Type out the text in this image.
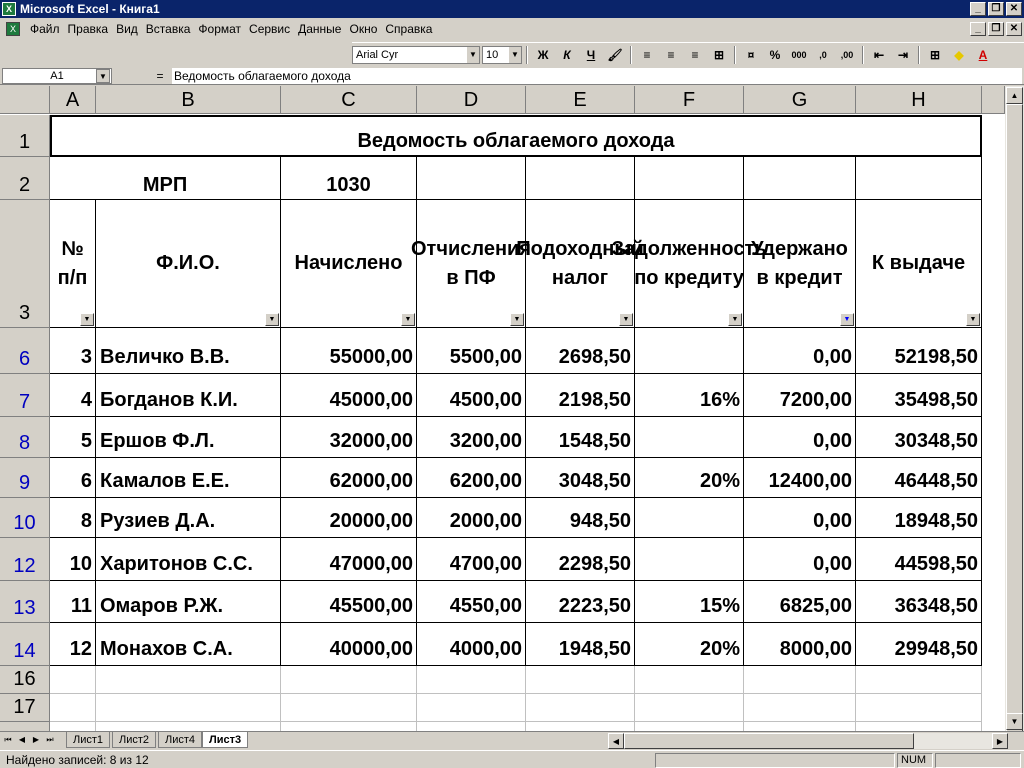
X Microsoft Excel - Книга1	_	❐ ✕
X	Файл Правка Вид Вставка Формат Сервис Данные Окно Справка	_	❐ ✕
Arial Cyr	▼ 10	▼	Ж	К	Ч	🖌	≡	≡	≡	⊞	¤	%	000	,0	,00	⇤	⇥	⊞	◆	A
A1	▼	= Ведомость облагаемого дохода
A	B	C	D	E	F	G	H
1	Ведомость облагаемого дохода
2	МРП	1030
3
№ п/п
▼
Ф.И.О.
▼
Начислено
▼
Отчисления в ПФ
▼
Подоходный налог
▼
Задолженность по кредиту
▼
Удержано в кредит
▼
К выдаче
▼
6	3 Величко В.В.	55000,00	5500,00	2698,50	0,00	52198,50
7	4 Богданов К.И.	45000,00	4500,00	2198,50	16%	7200,00	35498,50
8	5 Ершов Ф.Л.	32000,00	3200,00	1548,50	0,00	30348,50
9	6 Камалов Е.Е.	62000,00	6200,00	3048,50	20%	12400,00	46448,50
10	8 Рузиев Д.А.	20000,00	2000,00	948,50	0,00	18948,50
12	10 Харитонов С.С.	47000,00	4700,00	2298,50	0,00	44598,50
13	11 Омаров Р.Ж.	45500,00	4550,00	2223,50	15%	6825,00	36348,50
14	12 Монахов С.А.	40000,00	4000,00	1948,50	20%	8000,00	29948,50
16
17
▲
▼
⏮ ◀ ▶ ⏭	Лист1	Лист2	Лист4	Лист3	◀	▶
Найдено записей: 8 из 12	NUM
